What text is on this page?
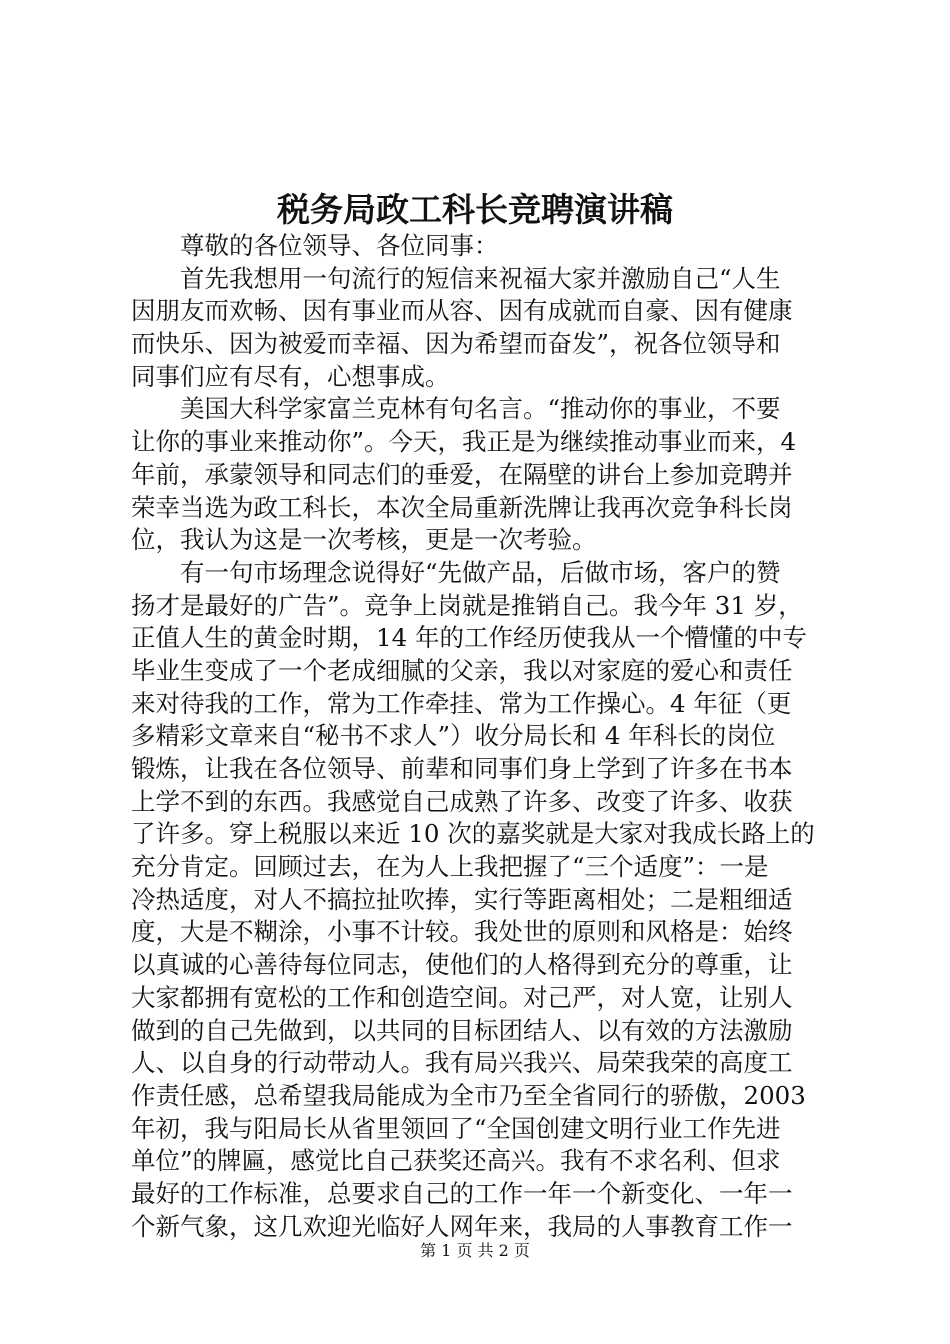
税务局政工科长竞聘演讲稿
尊敬的各位领导、各位同事：
首先我想用一句流行的短信来祝福大家并激励自己“人生
因朋友而欢畅、因有事业而从容、因有成就而自豪、因有健康
而快乐、因为被爱而幸福、因为希望而奋发”，祝各位领导和
同事们应有尽有，心想事成。
美国大科学家富兰克林有句名言。“推动你的事业，不要
让你的事业来推动你”。今天，我正是为继续推动事业而来，4
年前，承蒙领导和同志们的垂爱，在隔壁的讲台上参加竞聘并
荣幸当选为政工科长，本次全局重新洗牌让我再次竞争科长岗
位，我认为这是一次考核，更是一次考验。
有一句市场理念说得好“先做产品，后做市场，客户的赞
扬才是最好的广告”。竞争上岗就是推销自己。我今年 31 岁，
正值人生的黄金时期，14 年的工作经历使我从一个懵懂的中专
毕业生变成了一个老成细腻的父亲，我以对家庭的爱心和责任
来对待我的工作，常为工作牵挂、常为工作操心。4 年征（更
多精彩文章来自“秘书不求人”）收分局长和 4 年科长的岗位
锻炼，让我在各位领导、前辈和同事们身上学到了许多在书本
上学不到的东西。我感觉自己成熟了许多、改变了许多、收获
了许多。穿上税服以来近 10 次的嘉奖就是大家对我成长路上的
充分肯定。回顾过去，在为人上我把握了“三个适度”：一是
冷热适度，对人不搞拉扯吹捧，实行等距离相处；二是粗细适
度，大是不糊涂，小事不计较。我处世的原则和风格是：始终
以真诚的心善待每位同志，使他们的人格得到充分的尊重，让
大家都拥有宽松的工作和创造空间。对己严，对人宽，让别人
做到的自己先做到，以共同的目标团结人、以有效的方法激励
人、以自身的行动带动人。我有局兴我兴、局荣我荣的高度工
作责任感，总希望我局能成为全市乃至全省同行的骄傲，2003
年初，我与阳局长从省里领回了“全国创建文明行业工作先进
单位”的牌匾，感觉比自己获奖还高兴。我有不求名利、但求
最好的工作标准，总要求自己的工作一年一个新变化、一年一
个新气象，这几欢迎光临好人网年来，我局的人事教育工作一
第 1 页 共 2 页
